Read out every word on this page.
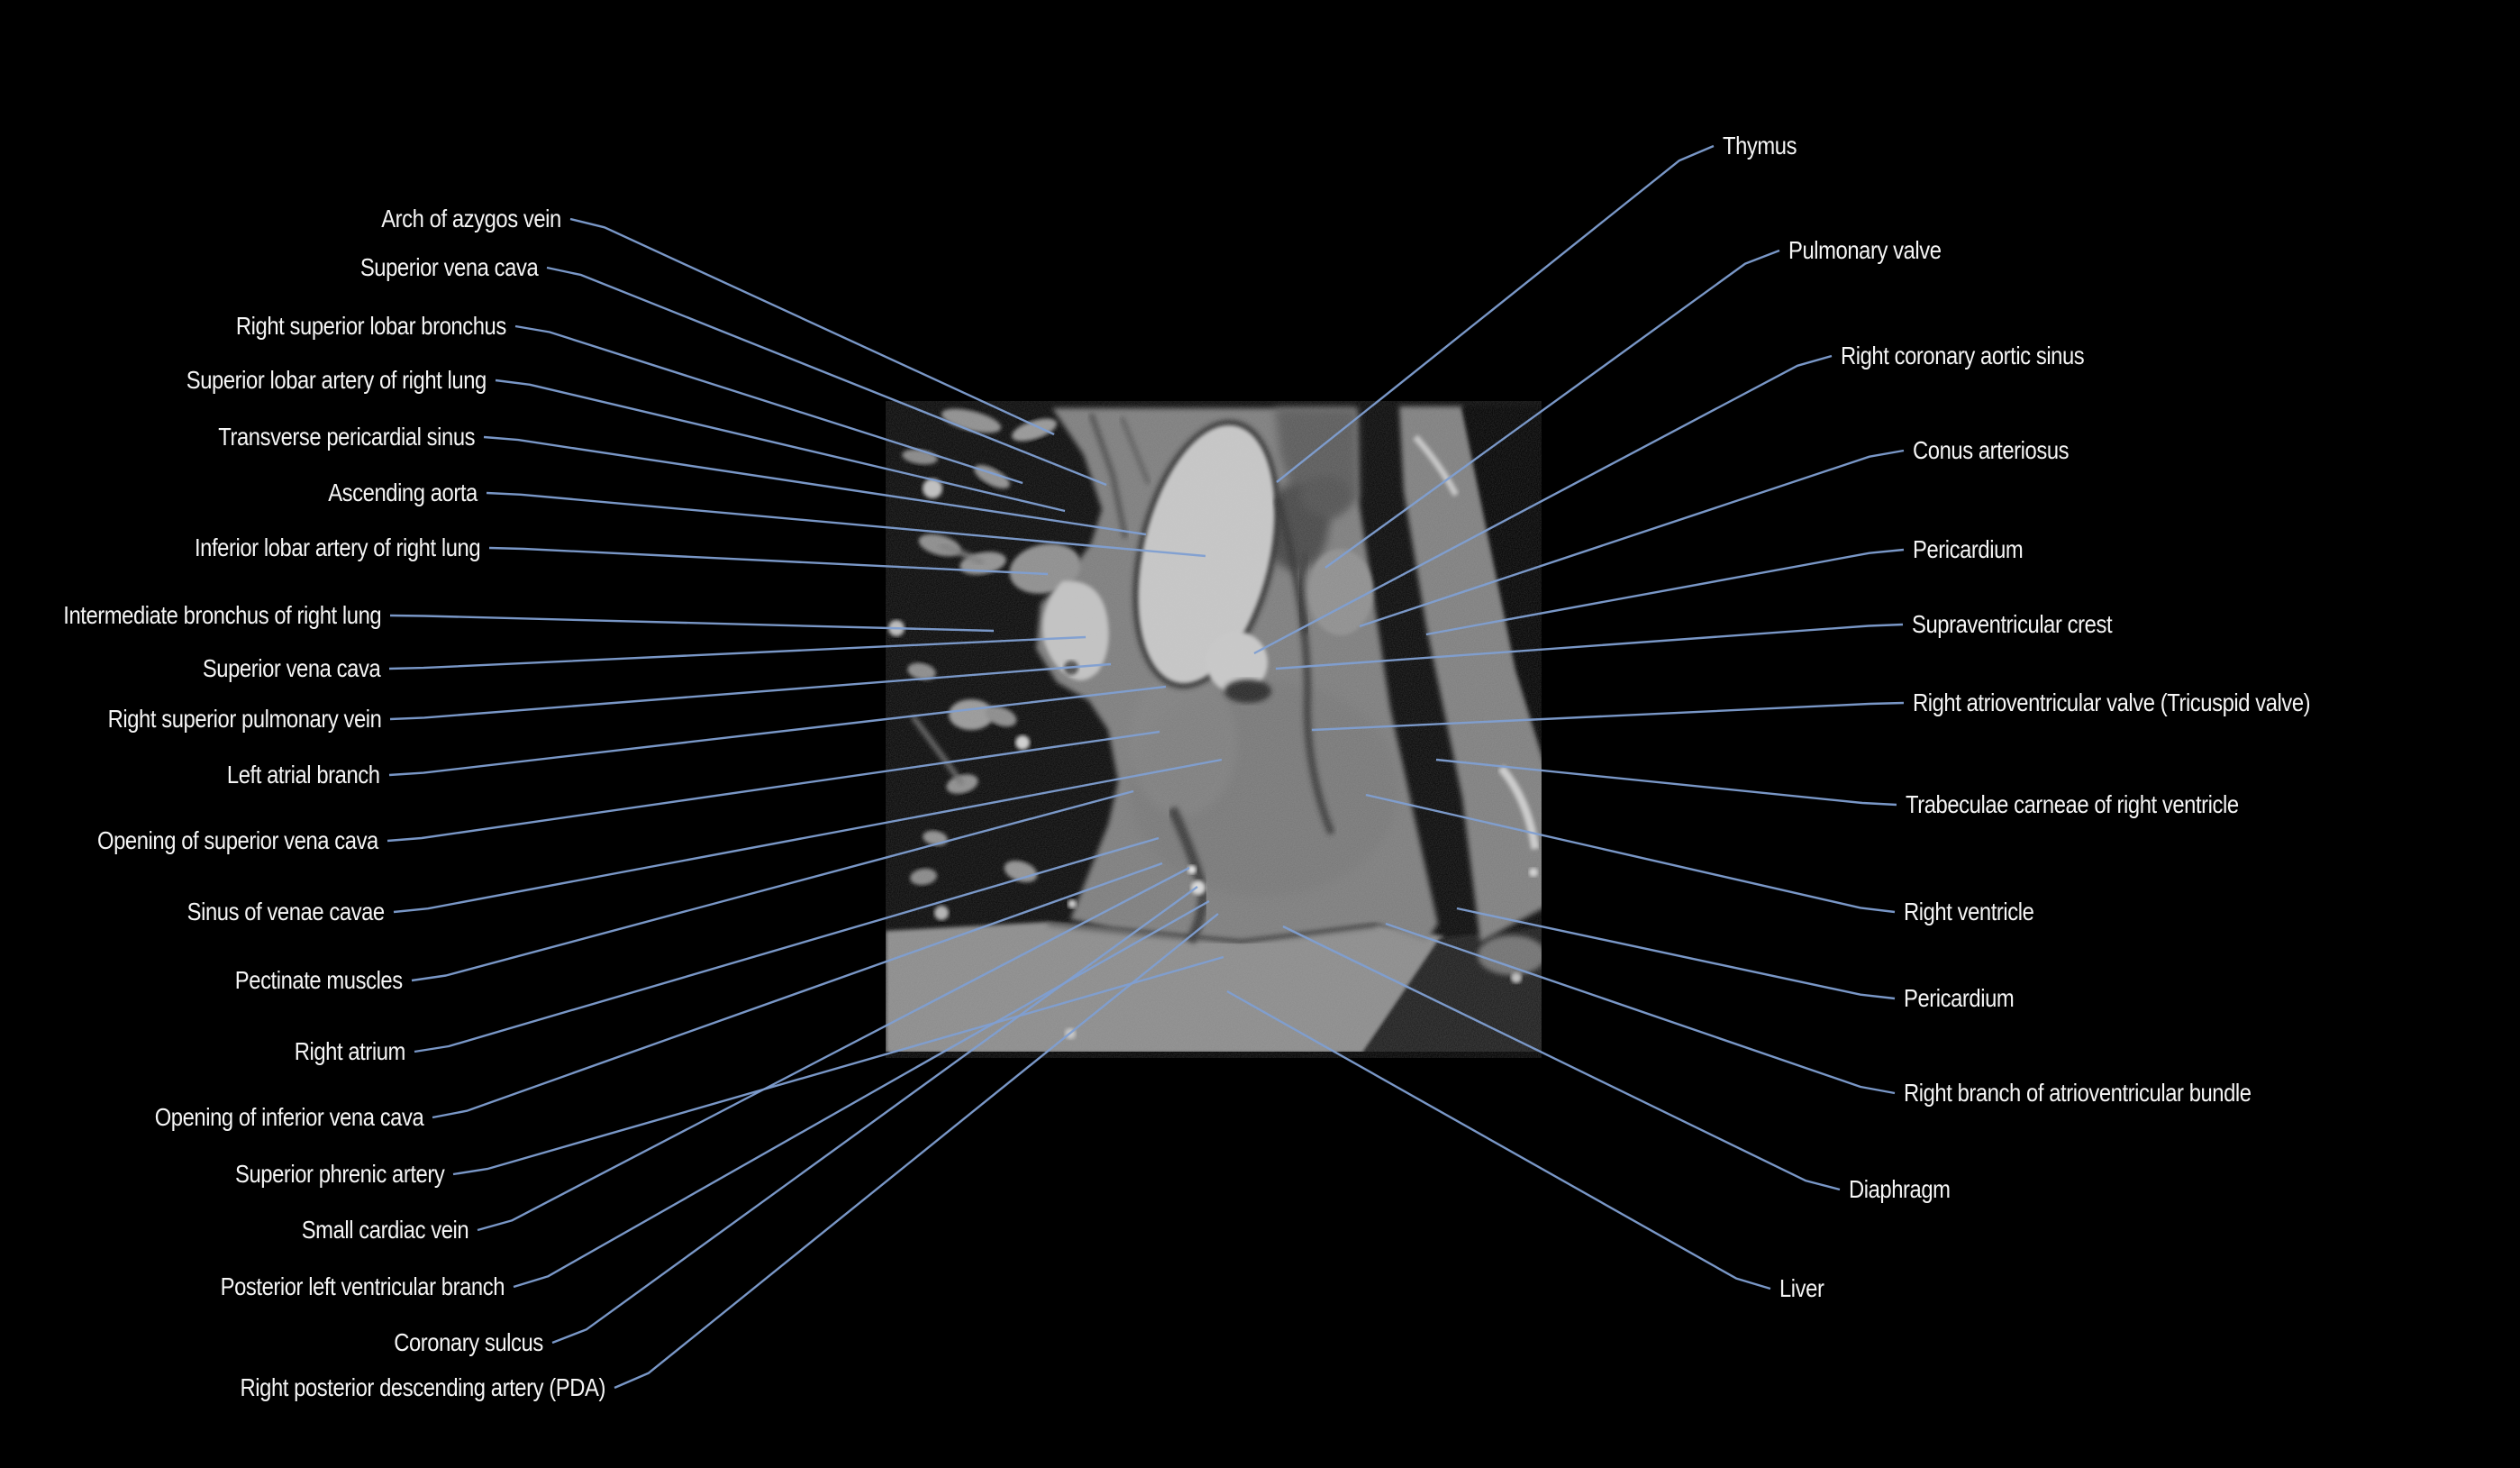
Arch of azygos vein
Superior vena cava
Right superior lobar bronchus
Superior lobar artery of right lung
Transverse pericardial sinus
Ascending aorta
Inferior lobar artery of right lung
Intermediate bronchus of right lung
Superior vena cava
Right superior pulmonary vein
Left atrial branch
Opening of superior vena cava
Sinus of venae cavae
Pectinate muscles
Right atrium
Opening of inferior vena cava
Superior phrenic artery
Small cardiac vein
Posterior left ventricular branch
Coronary sulcus
Right posterior descending artery (PDA)
Thymus
Pulmonary valve
Right coronary aortic sinus
Conus arteriosus
Pericardium
Supraventricular crest
Right atrioventricular valve (Tricuspid valve)
Trabeculae carneae of right ventricle
Right ventricle
Pericardium
Right branch of atrioventricular bundle
Diaphragm
Liver
